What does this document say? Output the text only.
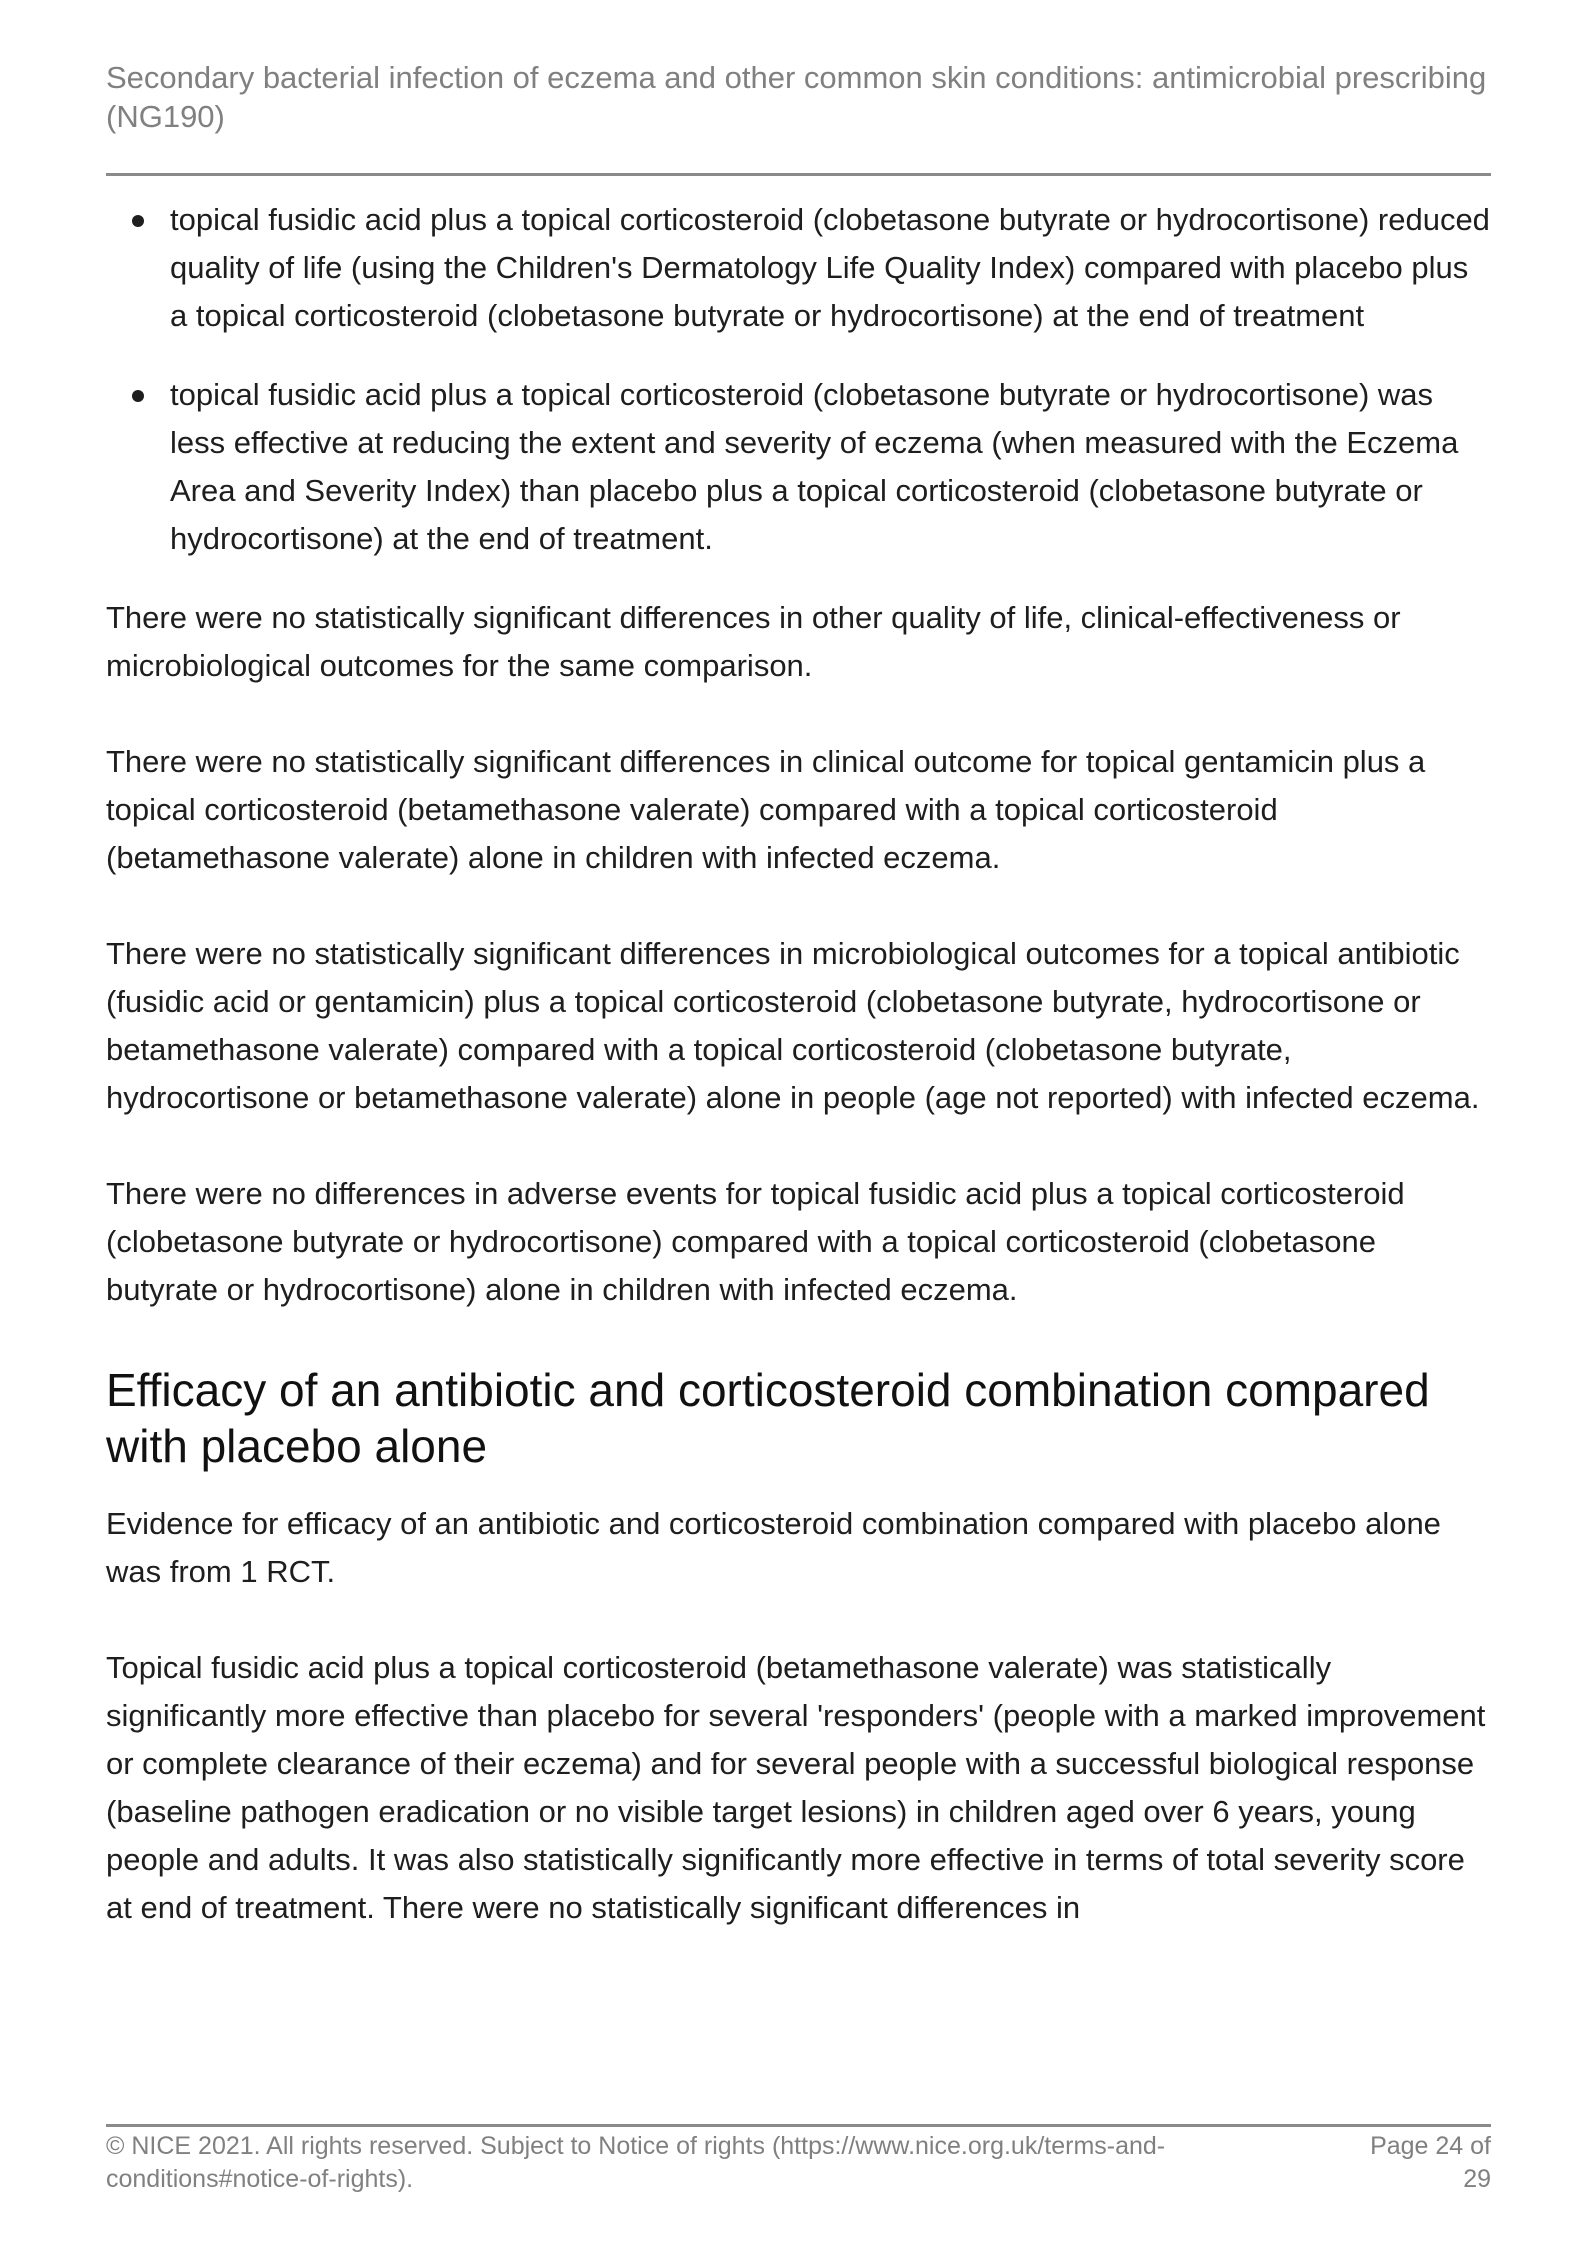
Secondary bacterial infection of eczema and other common skin conditions: antimicrobial prescribing (NG190)
topical fusidic acid plus a topical corticosteroid (clobetasone butyrate or hydrocortisone) reduced quality of life (using the Children's Dermatology Life Quality Index) compared with placebo plus a topical corticosteroid (clobetasone butyrate or hydrocortisone) at the end of treatment
topical fusidic acid plus a topical corticosteroid (clobetasone butyrate or hydrocortisone) was less effective at reducing the extent and severity of eczema (when measured with the Eczema Area and Severity Index) than placebo plus a topical corticosteroid (clobetasone butyrate or hydrocortisone) at the end of treatment.

There were no statistically significant differences in other quality of life, clinical-effectiveness or microbiological outcomes for the same comparison.

There were no statistically significant differences in clinical outcome for topical gentamicin plus a topical corticosteroid (betamethasone valerate) compared with a topical corticosteroid (betamethasone valerate) alone in children with infected eczema.

There were no statistically significant differences in microbiological outcomes for a topical antibiotic (fusidic acid or gentamicin) plus a topical corticosteroid (clobetasone butyrate, hydrocortisone or betamethasone valerate) compared with a topical corticosteroid (clobetasone butyrate, hydrocortisone or betamethasone valerate) alone in people (age not reported) with infected eczema.

There were no differences in adverse events for topical fusidic acid plus a topical corticosteroid (clobetasone butyrate or hydrocortisone) compared with a topical corticosteroid (clobetasone butyrate or hydrocortisone) alone in children with infected eczema.

Efficacy of an antibiotic and corticosteroid combination compared with placebo alone

Evidence for efficacy of an antibiotic and corticosteroid combination compared with placebo alone was from 1 RCT.

Topical fusidic acid plus a topical corticosteroid (betamethasone valerate) was statistically significantly more effective than placebo for several 'responders' (people with a marked improvement or complete clearance of their eczema) and for several people with a successful biological response (baseline pathogen eradication or no visible target lesions) in children aged over 6 years, young people and adults. It was also statistically significantly more effective in terms of total severity score at end of treatment. There were no statistically significant differences in

© NICE 2021. All rights reserved. Subject to Notice of rights (https://www.nice.org.uk/terms-and-conditions#notice-of-rights).
Page 24 of 29
